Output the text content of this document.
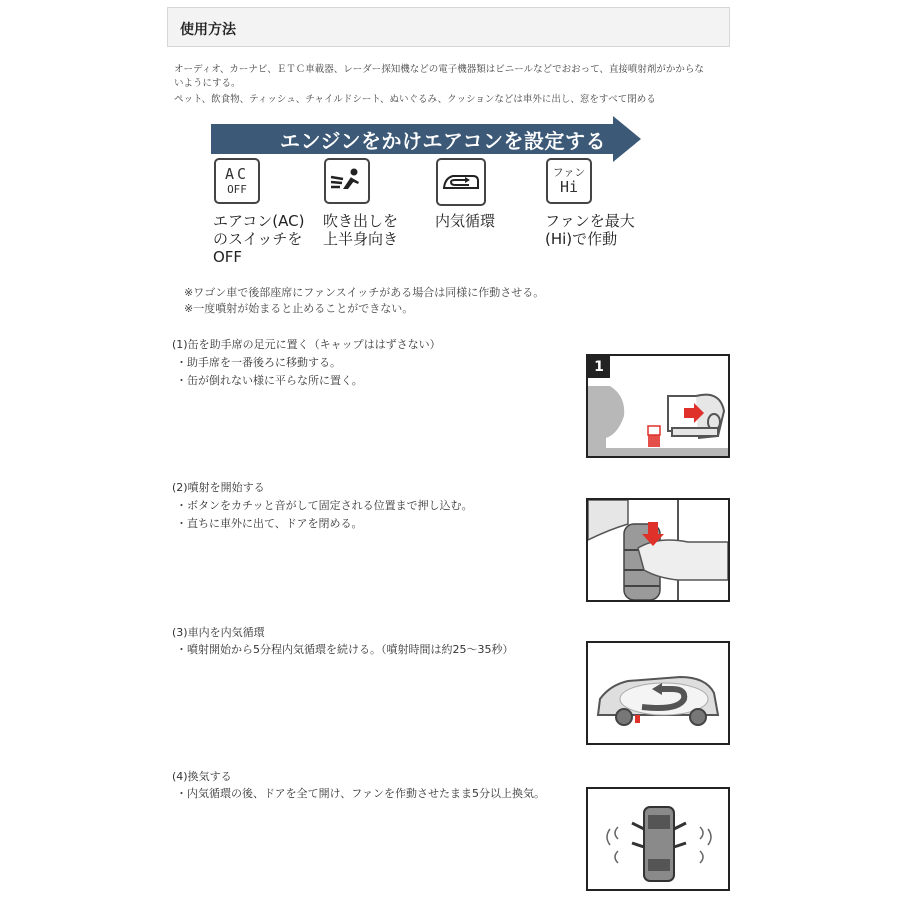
使用方法
オーディオ、カーナビ、ＥＴＣ車載器、レーダー探知機などの電子機器類はビニールなどでおおって、直接噴射剤がかからな
いようにする。
ペット、飲食物、ティッシュ、チャイルドシート、ぬいぐるみ、クッションなどは車外に出し、窓をすべて閉める
エンジンをかけエアコンを設定する
AC
OFF
ファン
Hi
エアコン(AC)
のスイッチを
OFF
吹き出しを
上半身向き
内気循環	ファンを最大
(Hi)で作動
※ワゴン車で後部座席にファンスイッチがある場合は同様に作動させる。
※一度噴射が始まると止めることができない。
(1)缶を助手席の足元に置く（キャップははずさない）
・助手席を一番後ろに移動する。
・缶が倒れない様に平らな所に置く。
1
(2)噴射を開始する
・ボタンをカチッと音がして固定される位置まで押し込む。
・直ちに車外に出て、ドアを閉める。
(3)車内を内気循環
・噴射開始から5分程内気循環を続ける。（噴射時間は約25～35秒）
(4)換気する
・内気循環の後、ドアを全て開け、ファンを作動させたまま5分以上換気。
